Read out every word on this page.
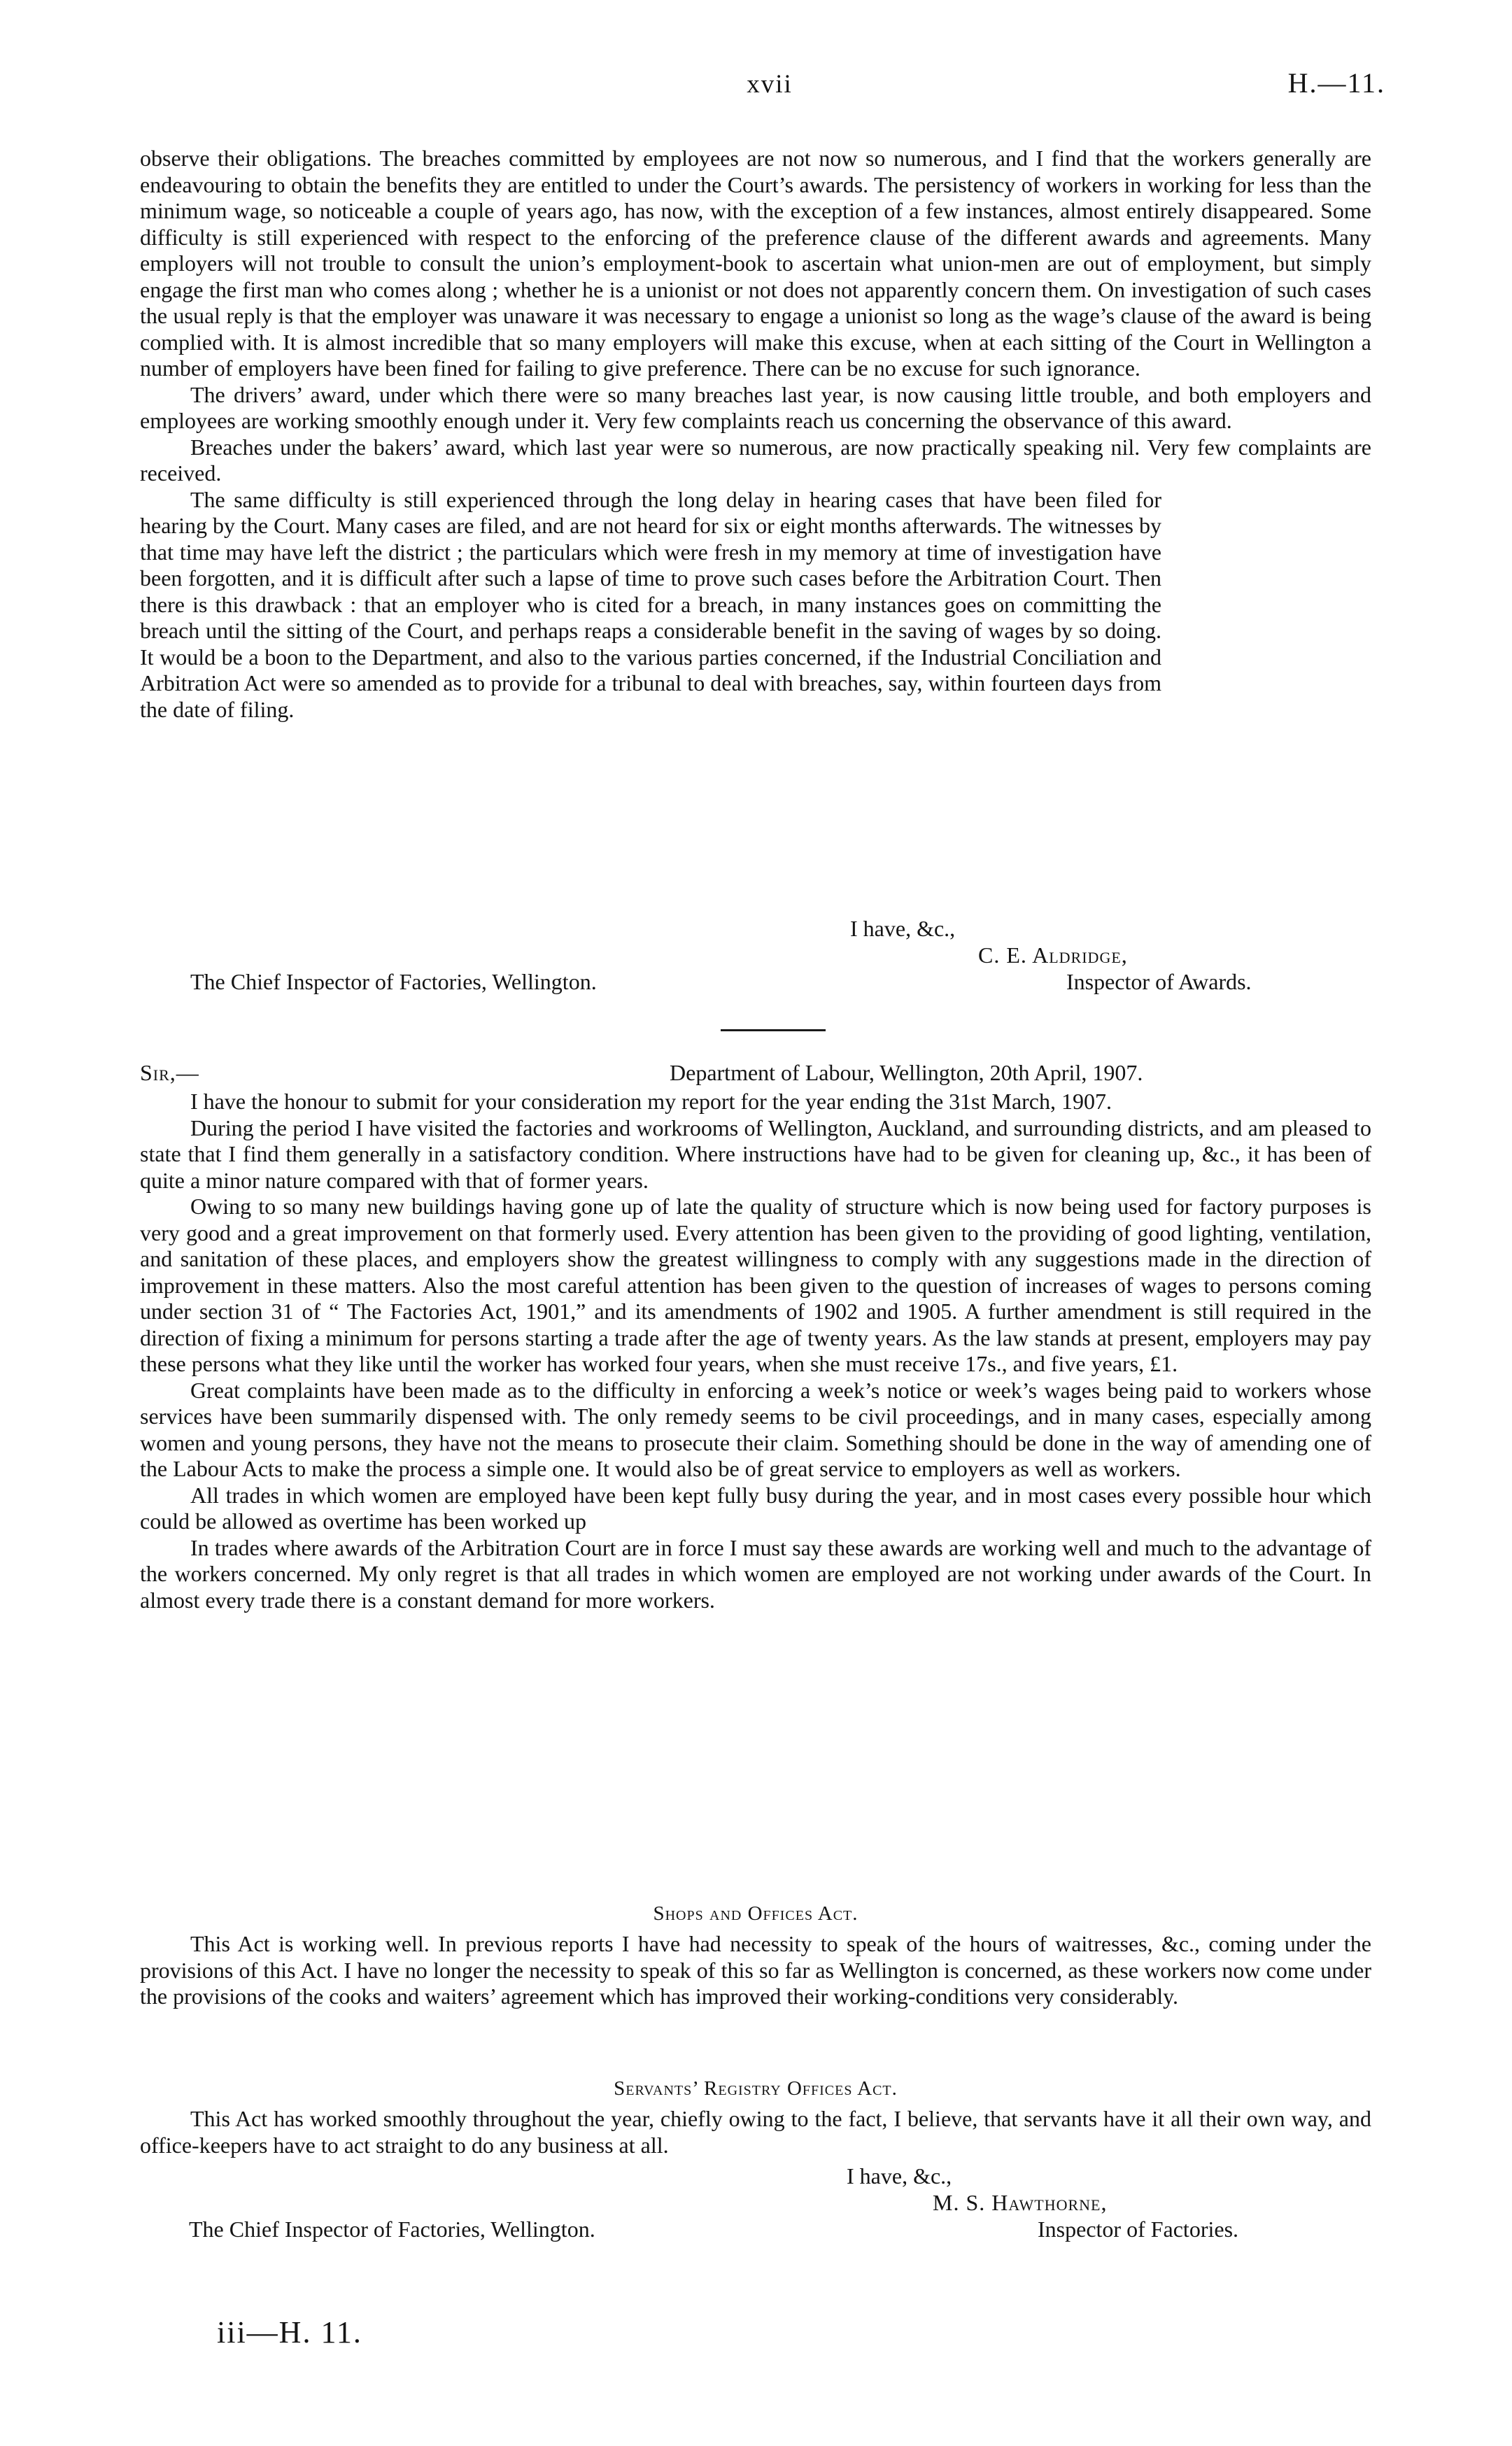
xvii	H.—11.

observe their obligations. The breaches committed by employees are not now so numerous, and I find that the workers generally are endeavouring to obtain the benefits they are entitled to under the Court’s awards. The persistency of workers in working for less than the minimum wage, so noticeable a couple of years ago, has now, with the exception of a few instances, almost entirely disappeared. Some difficulty is still experienced with respect to the enforcing of the preference clause of the different awards and agreements. Many employers will not trouble to consult the union’s employment-book to ascertain what union-men are out of employment, but simply engage the first man who comes along ; whether he is a unionist or not does not apparently concern them. On investigation of such cases the usual reply is that the employer was unaware it was necessary to engage a unionist so long as the wage’s clause of the award is being complied with. It is almost incredible that so many employers will make this excuse, when at each sitting of the Court in Wellington a number of employers have been fined for failing to give preference. There can be no excuse for such ignorance.

The drivers’ award, under which there were so many breaches last year, is now causing little trouble, and both employers and employees are working smoothly enough under it. Very few complaints reach us concerning the observance of this award.

Breaches under the bakers’ award, which last year were so numerous, are now practically speaking nil. Very few complaints are received.

The same difficulty is still experienced through the long delay in hearing cases that have been filed for hearing by the Court. Many cases are filed, and are not heard for six or eight months afterwards. The witnesses by that time may have left the district ; the particulars which were fresh in my memory at time of investigation have been forgotten, and it is difficult after such a lapse of time to prove such cases before the Arbitration Court. Then there is this drawback : that an employer who is cited for a breach, in many instances goes on committing the breach until the sitting of the Court, and perhaps reaps a considerable benefit in the saving of wages by so doing. It would be a boon to the Department, and also to the various parties concerned, if the Industrial Conciliation and Arbitration Act were so amended as to provide for a tribunal to deal with breaches, say, within fourteen days from the date of filing.

I have, &c.,
C. E. Aldridge,
The Chief Inspector of Factories, Wellington.	Inspector of Awards.
Sir,—	Department of Labour, Wellington, 20th April, 1907.

I have the honour to submit for your consideration my report for the year ending the 31st March, 1907.

During the period I have visited the factories and workrooms of Wellington, Auckland, and surrounding districts, and am pleased to state that I find them generally in a satisfactory condition. Where instructions have had to be given for cleaning up, &c., it has been of quite a minor nature compared with that of former years.

Owing to so many new buildings having gone up of late the quality of structure which is now being used for factory purposes is very good and a great improvement on that formerly used. Every attention has been given to the providing of good lighting, ventilation, and sanitation of these places, and employers show the greatest willingness to comply with any suggestions made in the direction of improvement in these matters. Also the most careful attention has been given to the question of increases of wages to persons coming under section 31 of “ The Factories Act, 1901,” and its amendments of 1902 and 1905. A further amendment is still required in the direction of fixing a minimum for persons starting a trade after the age of twenty years. As the law stands at present, employers may pay these persons what they like until the worker has worked four years, when she must receive 17s., and five years, £1.

Great complaints have been made as to the difficulty in enforcing a week’s notice or week’s wages being paid to workers whose services have been summarily dispensed with. The only remedy seems to be civil proceedings, and in many cases, especially among women and young persons, they have not the means to prosecute their claim. Something should be done in the way of amending one of the Labour Acts to make the process a simple one. It would also be of great service to employers as well as workers.

All trades in which women are employed have been kept fully busy during the year, and in most cases every possible hour which could be allowed as overtime has been worked up

In trades where awards of the Arbitration Court are in force I must say these awards are working well and much to the advantage of the workers concerned. My only regret is that all trades in which women are employed are not working under awards of the Court. In almost every trade there is a constant demand for more workers.

Shops and Offices Act.

This Act is working well. In previous reports I have had necessity to speak of the hours of waitresses, &c., coming under the provisions of this Act. I have no longer the necessity to speak of this so far as Wellington is concerned, as these workers now come under the provisions of the cooks and waiters’ agreement which has improved their working-conditions very considerably.

Servants’ Registry Offices Act.

This Act has worked smoothly throughout the year, chiefly owing to the fact, I believe, that servants have it all their own way, and office-keepers have to act straight to do any business at all.

I have, &c.,
M. S. Hawthorne,
The Chief Inspector of Factories, Wellington.	Inspector of Factories.
iii—H. 11.
